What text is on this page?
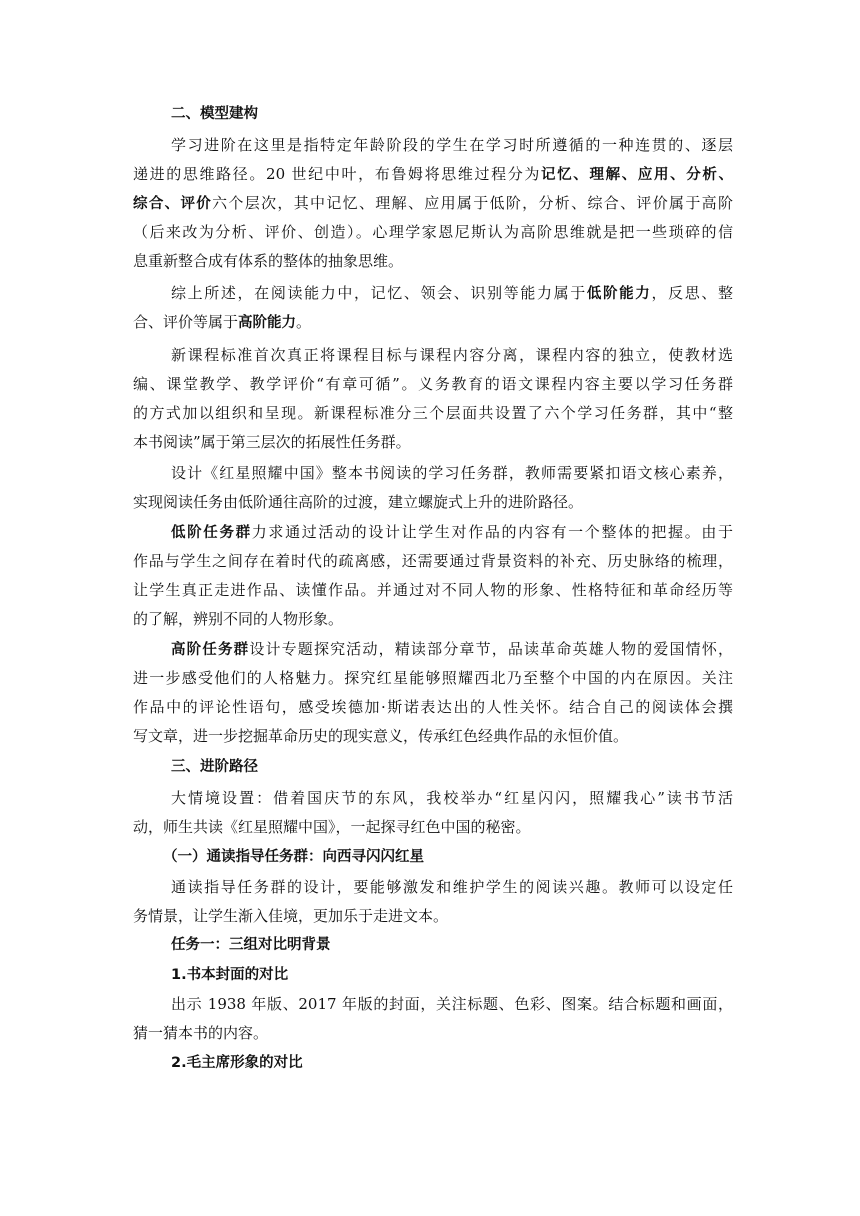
二、模型建构
学习进阶在这里是指特定年龄阶段的学生在学习时所遵循的一种连贯的、逐层
递进的思维路径。20 世纪中叶，布鲁姆将思维过程分为记忆、理解、应用、分析、
综合、评价六个层次，其中记忆、理解、应用属于低阶，分析、综合、评价属于高阶
（后来改为分析、评价、创造）。心理学家恩尼斯认为高阶思维就是把一些琐碎的信
息重新整合成有体系的整体的抽象思维。
综上所述，在阅读能力中，记忆、领会、识别等能力属于低阶能力，反思、整
合、评价等属于高阶能力。
新课程标准首次真正将课程目标与课程内容分离，课程内容的独立，使教材选
编、课堂教学、教学评价“有章可循”。义务教育的语文课程内容主要以学习任务群
的方式加以组织和呈现。新课程标准分三个层面共设置了六个学习任务群，其中“整
本书阅读”属于第三层次的拓展性任务群。
设计《红星照耀中国》整本书阅读的学习任务群，教师需要紧扣语文核心素养，
实现阅读任务由低阶通往高阶的过渡，建立螺旋式上升的进阶路径。
低阶任务群力求通过活动的设计让学生对作品的内容有一个整体的把握。由于
作品与学生之间存在着时代的疏离感，还需要通过背景资料的补充、历史脉络的梳理，
让学生真正走进作品、读懂作品。并通过对不同人物的形象、性格特征和革命经历等
的了解，辨别不同的人物形象。
高阶任务群设计专题探究活动，精读部分章节，品读革命英雄人物的爱国情怀，
进一步感受他们的人格魅力。探究红星能够照耀西北乃至整个中国的内在原因。关注
作品中的评论性语句，感受埃德加·斯诺表达出的人性关怀。结合自己的阅读体会撰
写文章，进一步挖掘革命历史的现实意义，传承红色经典作品的永恒价值。
三、进阶路径
大情境设置：借着国庆节的东风，我校举办“红星闪闪，照耀我心”读书节活
动，师生共读《红星照耀中国》，一起探寻红色中国的秘密。
（一）通读指导任务群：向西寻闪闪红星
通读指导任务群的设计，要能够激发和维护学生的阅读兴趣。教师可以设定任
务情景，让学生渐入佳境，更加乐于走进文本。
任务一：三组对比明背景
1.书本封面的对比
出示 1938 年版、2017 年版的封面，关注标题、色彩、图案。结合标题和画面，
猜一猜本书的内容。
2.毛主席形象的对比
